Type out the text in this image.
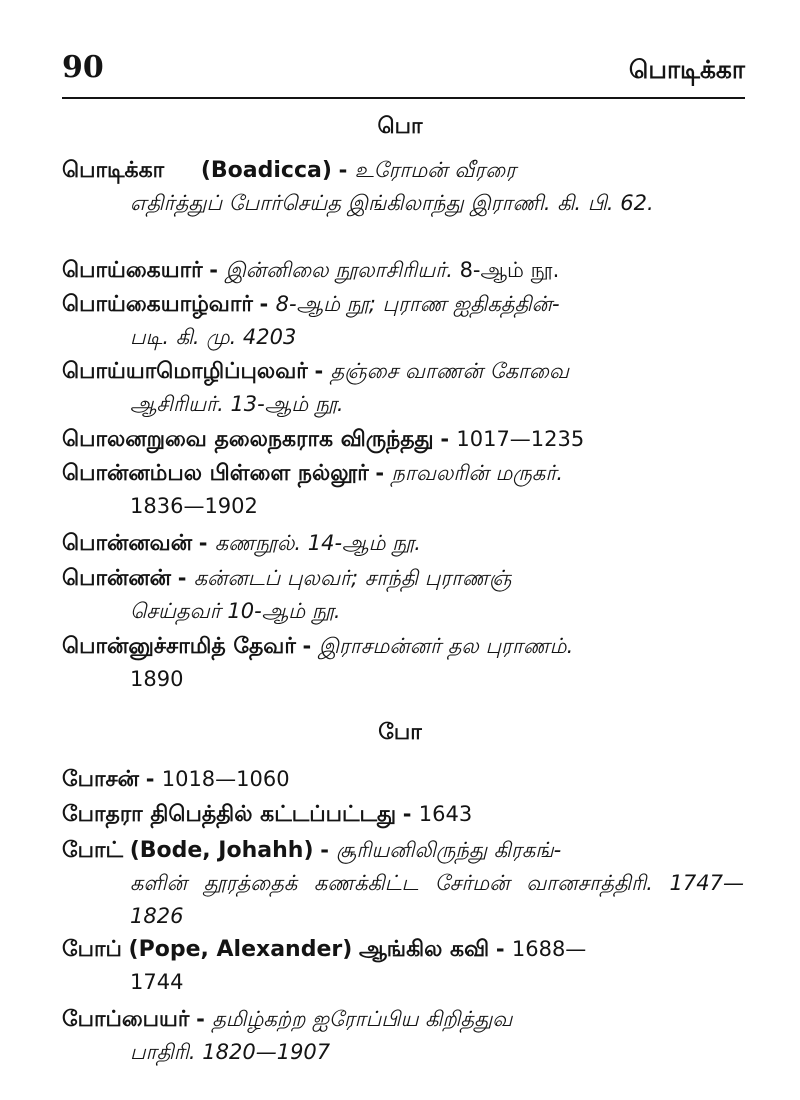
90	பொடிக்கா
பொ
பொடிக்கா (Boadicca) - உரோமன் வீரரை
எதிர்த்துப் போர்செய்த இங்கிலாந்து இராணி. கி. பி. 62.
பொய்கையார் - இன்னிலை நூலாசிரியர். 8-ஆம் நூ.
பொய்கையாழ்வார் - 8-ஆம் நூ; புராண ஐதிகத்தின்-
படி. கி. மு. 4203
பொய்யாமொழிப்புலவர் - தஞ்சை வாணன் கோவை
ஆசிரியர். 13-ஆம் நூ.
பொலனறுவை தலைநகராக விருந்தது - 1017—1235
பொன்னம்பல பிள்ளை நல்லூர் - நாவலரின் மருகர்.
1836—1902
பொன்னவன் - கணநூல். 14-ஆம் நூ.
பொன்னன் - கன்னடப் புலவர்; சாந்தி புராணஞ்
செய்தவர் 10-ஆம் நூ.
பொன்னுச்சாமித் தேவர் - இராசமன்னர் தல புராணம்.
1890
போ
போசன் - 1018—1060
போதரா திபெத்தில் கட்டப்பட்டது - 1643
போட் (Bode, Johahh) - சூரியனிலிருந்து கிரகங்-
களின் தூரத்தைக் கணக்கிட்ட சேர்மன் வானசாத்திரி. 1747—1826
போப் (Pope, Alexander) ஆங்கில கவி - 1688—
1744
போப்பையர் - தமிழ்கற்ற ஐரோப்பிய கிறித்துவ
பாதிரி. 1820—1907
